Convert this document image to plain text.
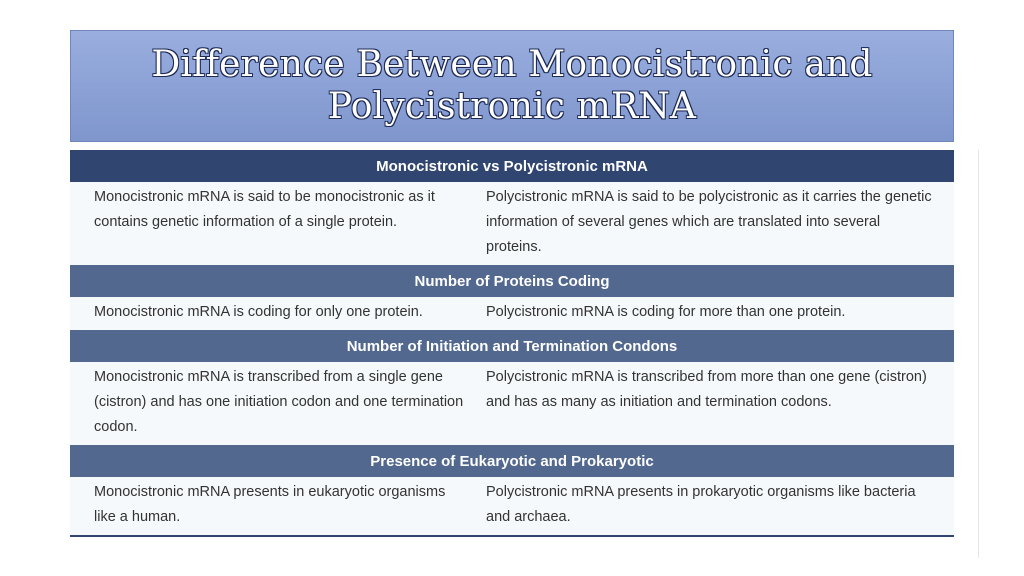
Difference Between Monocistronic and
Polycistronic mRNA
Monocistronic vs Polycistronic mRNA
Monocistronic mRNA is said to be monocistronic as it contains genetic information of a single protein.
Polycistronic mRNA is said to be polycistronic as it carries the genetic information of several genes which are translated into several proteins.
Number of Proteins Coding
Monocistronic mRNA is coding for only one protein.	Polycistronic mRNA is coding for more than one protein.
Number of Initiation and Termination Condons
Monocistronic mRNA is transcribed from a single gene (cistron) and has one initiation codon and one termination codon.
Polycistronic mRNA is transcribed from more than one gene (cistron) and has as many as initiation and termination codons.
Presence of Eukaryotic and Prokaryotic
Monocistronic mRNA presents in eukaryotic organisms like a human.
Polycistronic mRNA presents in prokaryotic organisms like bacteria and archaea.
